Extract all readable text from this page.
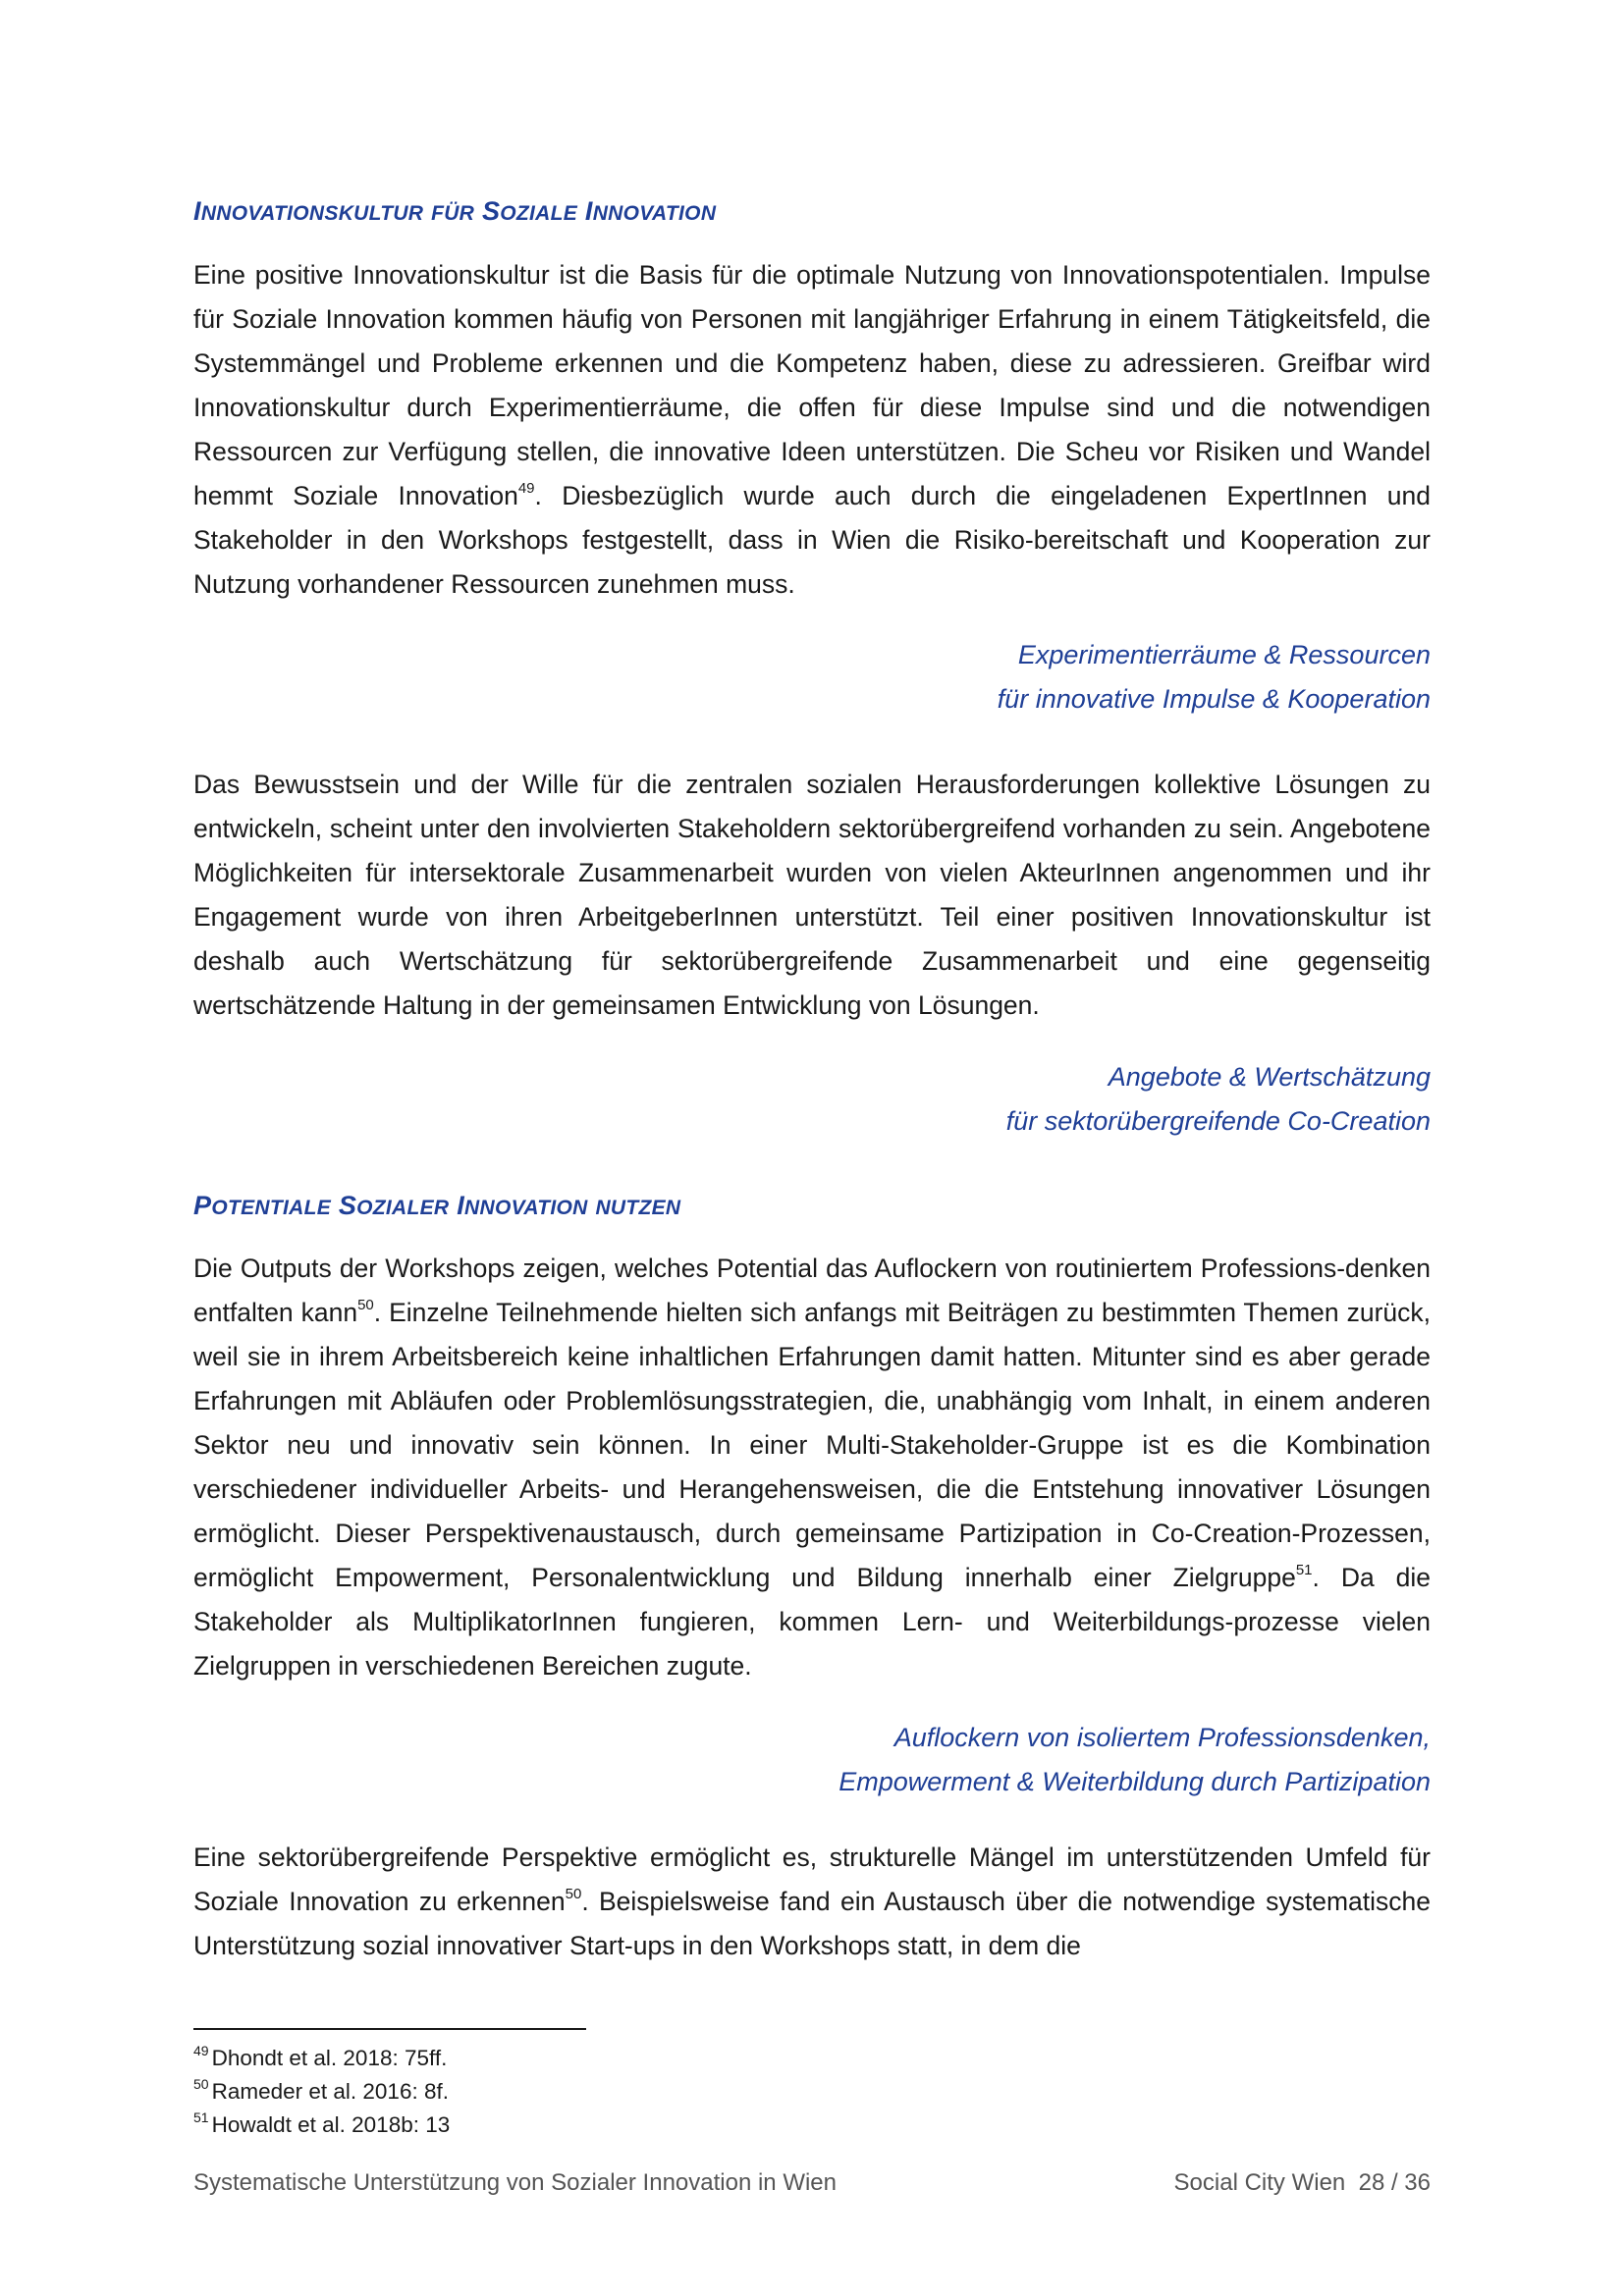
INNOVATIONSKULTUR FÜR SOZIALE INNOVATION

Eine positive Innovationskultur ist die Basis für die optimale Nutzung von Innovationspotentialen. Impulse für Soziale Innovation kommen häufig von Personen mit langjähriger Erfahrung in einem Tätigkeitsfeld, die Systemmängel und Probleme erkennen und die Kompetenz haben, diese zu adressieren. Greifbar wird Innovationskultur durch Experimentierräume, die offen für diese Impulse sind und die notwendigen Ressourcen zur Verfügung stellen, die innovative Ideen unterstützen. Die Scheu vor Risiken und Wandel hemmt Soziale Innovation$^{49}$. Diesbezüglich wurde auch durch die eingeladenen ExpertInnen und Stakeholder in den Workshops festgestellt, dass in Wien die Risiko-bereitschaft und Kooperation zur Nutzung vorhandener Ressourcen zunehmen muss.

Experimentierräume & Ressourcen
für innovative Impulse & Kooperation

Das Bewusstsein und der Wille für die zentralen sozialen Herausforderungen kollektive Lösungen zu entwickeln, scheint unter den involvierten Stakeholdern sektorübergreifend vorhanden zu sein. Angebotene Möglichkeiten für intersektorale Zusammenarbeit wurden von vielen AkteurInnen angenommen und ihr Engagement wurde von ihren ArbeitgeberInnen unterstützt. Teil einer positiven Innovationskultur ist deshalb auch Wertschätzung für sektorübergreifende Zusammenarbeit und eine gegenseitig wertschätzende Haltung in der gemeinsamen Entwicklung von Lösungen.

Angebote & Wertschätzung
für sektorübergreifende Co-Creation
POTENTIALE SOZIALER INNOVATION NUTZEN

Die Outputs der Workshops zeigen, welches Potential das Auflockern von routiniertem Professions-denken entfalten kann$^{50}$. Einzelne Teilnehmende hielten sich anfangs mit Beiträgen zu bestimmten Themen zurück, weil sie in ihrem Arbeitsbereich keine inhaltlichen Erfahrungen damit hatten. Mitunter sind es aber gerade Erfahrungen mit Abläufen oder Problemlösungsstrategien, die, unabhängig vom Inhalt, in einem anderen Sektor neu und innovativ sein können. In einer Multi-Stakeholder-Gruppe ist es die Kombination verschiedener individueller Arbeits- und Herangehensweisen, die die Entstehung innovativer Lösungen ermöglicht. Dieser Perspektivenaustausch, durch gemeinsame Partizipation in Co-Creation-Prozessen, ermöglicht Empowerment, Personalentwicklung und Bildung innerhalb einer Zielgruppe$^{51}$. Da die Stakeholder als MultiplikatorInnen fungieren, kommen Lern- und Weiterbildungs-prozesse vielen Zielgruppen in verschiedenen Bereichen zugute.

Auflockern von isoliertem Professionsdenken,
Empowerment & Weiterbildung durch Partizipation

Eine sektorübergreifende Perspektive ermöglicht es, strukturelle Mängel im unterstützenden Umfeld für Soziale Innovation zu erkennen$^{50}$. Beispielsweise fand ein Austausch über die notwendige systematische Unterstützung sozial innovativer Start-ups in den Workshops statt, in dem die

$^{49}$ Dhondt et al. 2018: 75ff.
$^{50}$ Rameder et al. 2016: 8f.
$^{51}$ Howaldt et al. 2018b: 13
Systematische Unterstützung von Sozialer Innovation in Wien	Social City Wien  28 / 36
